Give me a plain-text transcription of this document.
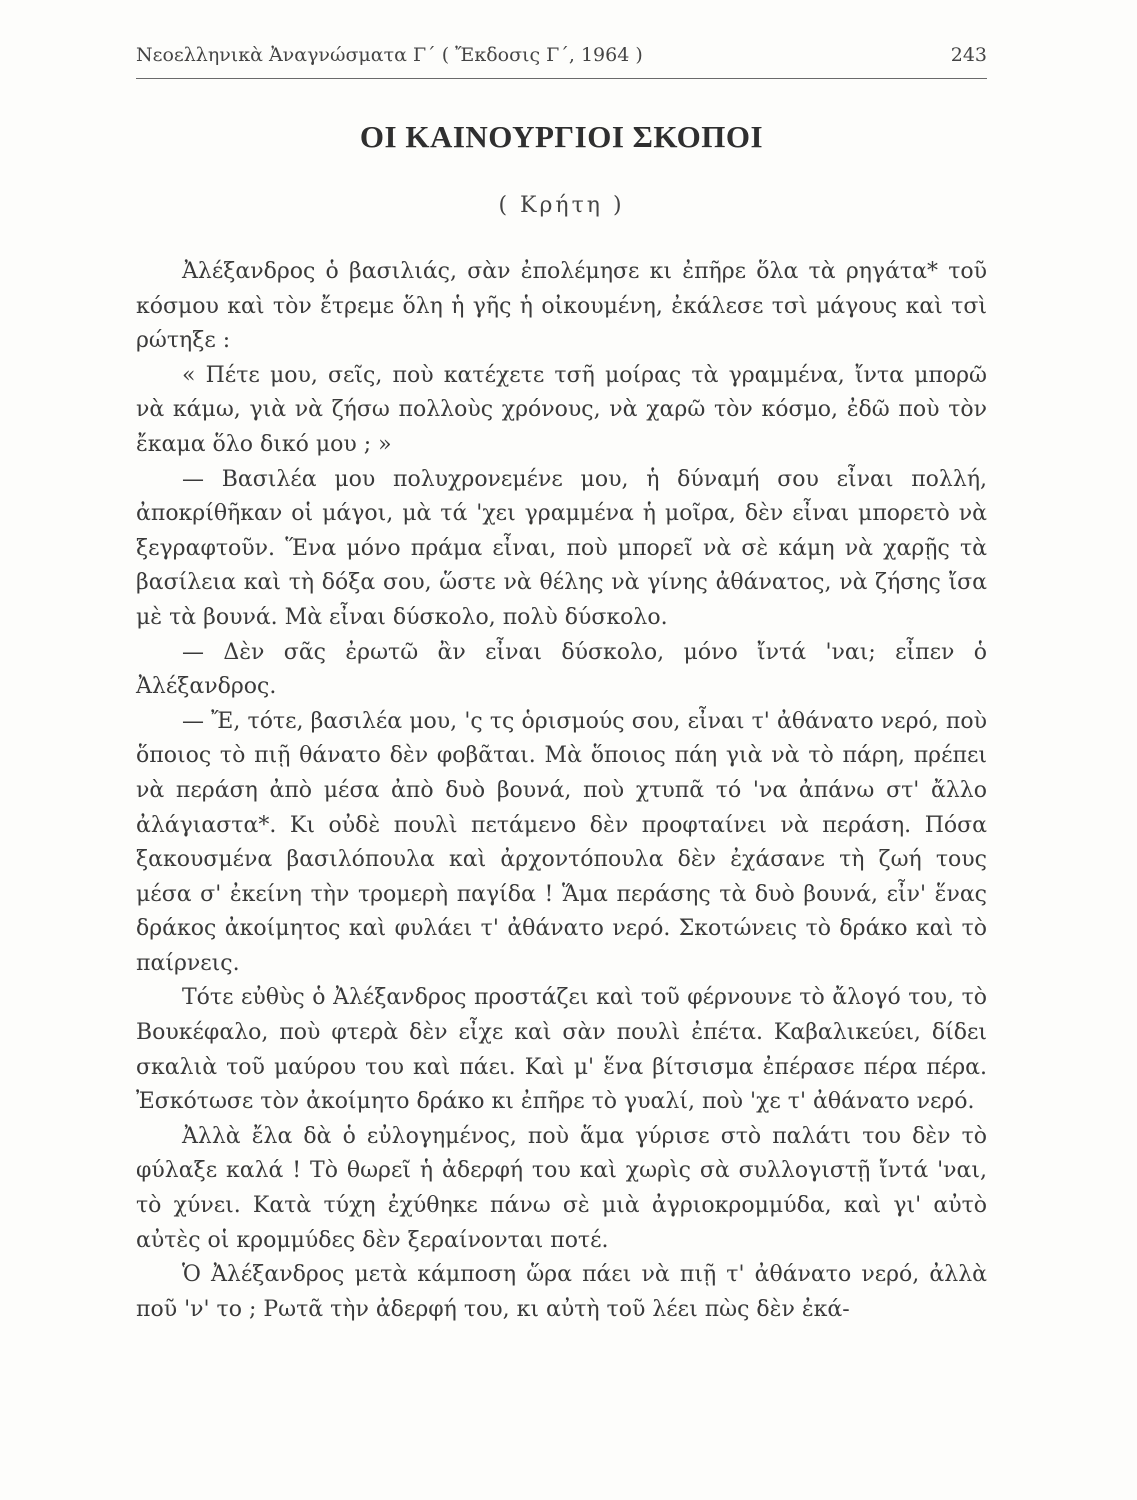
Νεοελληνικὰ Ἀναγνώσματα Γ΄ ( Ἔκδοσις Γ΄, 1964 )	243
ΟΙ ΚΑΙΝΟΥΡΓΙΟΙ ΣΚΟΠΟΙ
( Κρήτη )

Ἀλέξανδρος ὁ βασιλιάς, σὰν ἐπολέμησε κι ἐπῆρε ὅλα τὰ ρηγάτα* τοῦ κόσμου καὶ τὸν ἔτρεμε ὅλη ἡ γῆς ἡ οἰκουμένη, ἐκάλεσε τσὶ μάγους καὶ τσὶ ρώτηξε :

« Πέτε μου, σεῖς, ποὺ κατέχετε τσῆ μοίρας τὰ γραμμένα, ἴντα μπορῶ νὰ κάμω, γιὰ νὰ ζήσω πολλοὺς χρόνους, νὰ χαρῶ τὸν κόσμο, ἐδῶ ποὺ τὸν ἔκαμα ὅλο δικό μου ; »

— Βασιλέα μου πολυχρονεμένε μου, ἡ δύναμή σου εἶναι πολλή, ἀποκρίθῆκαν οἱ μάγοι, μὰ τά 'χει γραμμένα ἡ μοῖρα, δὲν εἶναι μπορετὸ νὰ ξεγραφτοῦν. Ἕνα μόνο πράμα εἶναι, ποὺ μπορεῖ νὰ σὲ κάμη νὰ χαρῇς τὰ βασίλεια καὶ τὴ δόξα σου, ὥστε νὰ θέλης νὰ γίνης ἀθάνατος, νὰ ζήσης ἴσα μὲ τὰ βουνά. Μὰ εἶναι δύσκολο, πολὺ δύσκολο.

— Δὲν σᾶς ἐρωτῶ ἂν εἶναι δύσκολο, μόνο ἴντά 'ναι; εἶπεν ὁ Ἀλέξανδρος.

— Ἔ, τότε, βασιλέα μου, 'ς τς ὁρισμούς σου, εἶναι τ' ἀθάνατο νερό, ποὺ ὅποιος τὸ πιῇ θάνατο δὲν φοβᾶται. Μὰ ὅποιος πάη γιὰ νὰ τὸ πάρη, πρέπει νὰ περάση ἀπὸ μέσα ἀπὸ δυὸ βουνά, ποὺ χτυπᾶ τό 'να ἀπάνω στ' ἄλλο ἀλάγιαστα*. Κι οὐδὲ πουλὶ πετάμενο δὲν προφταίνει νὰ περάση. Πόσα ξακουσμένα βασιλόπουλα καὶ ἀρχοντόπουλα δὲν ἐχάσανε τὴ ζωή τους μέσα σ' ἐκείνη τὴν τρομερὴ παγίδα ! Ἅμα περάσης τὰ δυὸ βουνά, εἶν' ἕνας δράκος ἀκοίμητος καὶ φυλάει τ' ἀθάνατο νερό. Σκοτώνεις τὸ δράκο καὶ τὸ παίρνεις.

Τότε εὐθὺς ὁ Ἀλέξανδρος προστάζει καὶ τοῦ φέρνουνε τὸ ἄλογό του, τὸ Βουκέφαλο, ποὺ φτερὰ δὲν εἶχε καὶ σὰν πουλὶ ἐπέτα. Καβαλικεύει, δίδει σκαλιὰ τοῦ μαύρου του καὶ πάει. Καὶ μ' ἕνα βίτσισμα ἐπέρασε πέρα πέρα. Ἐσκότωσε τὸν ἀκοίμητο δράκο κι ἐπῆρε τὸ γυαλί, ποὺ 'χε τ' ἀθάνατο νερό.

Ἀλλὰ ἔλα δὰ ὁ εὐλογημένος, ποὺ ἅμα γύρισε στὸ παλάτι του δὲν τὸ φύλαξε καλά ! Τὸ θωρεῖ ἡ ἀδερφή του καὶ χωρὶς σὰ συλλογιστῇ ἴντά 'ναι, τὸ χύνει. Κατὰ τύχη ἐχύθηκε πάνω σὲ μιὰ ἀγριοκρομμύδα, καὶ γι' αὐτὸ αὐτὲς οἱ κρομμύδες δὲν ξεραίνονται ποτέ.

Ὁ Ἀλέξανδρος μετὰ κάμποση ὥρα πάει νὰ πιῇ τ' ἀθάνατο νερό, ἀλλὰ ποῦ 'ν' το ; Ρωτᾶ τὴν ἀδερφή του, κι αὐτὴ τοῦ λέει πὼς δὲν ἐκά-
